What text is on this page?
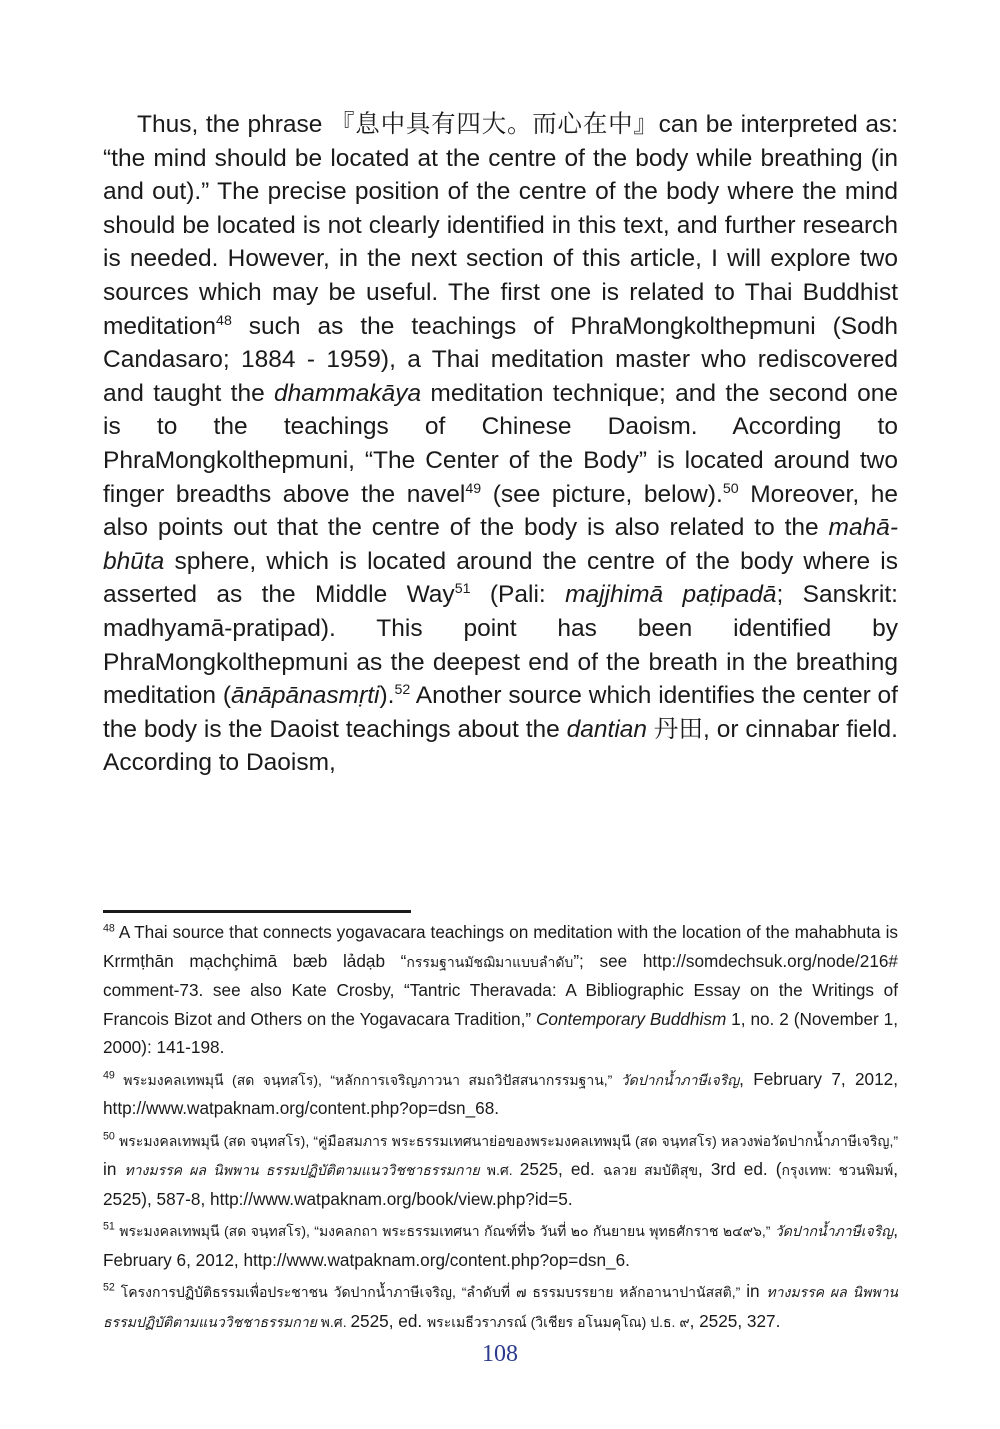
Thus, the phrase 『息中具有四大。而心在中』can be interpreted as: “the mind should be located at the centre of the body while breathing (in and out).” The precise position of the centre of the body where the mind should be located is not clearly identified in this text, and further research is needed. However, in the next section of this article, I will explore two sources which may be useful. The first one is related to Thai Buddhist meditation$^{48}$ such as the teachings of PhraMongkolthepmuni (Sodh Candasaro; 1884 - 1959), a Thai meditation master who rediscovered and taught the dhammakāya meditation technique; and the second one is to the teachings of Chinese Daoism. According to PhraMongkolthepmuni, “The Center of the Body” is located around two finger breadths above the navel$^{49}$ (see picture, below).$^{50}$ Moreover, he also points out that the centre of the body is also related to the mahā-bhūta sphere, which is located around the centre of the body where is asserted as the Middle Way$^{51}$ (Pali: majjhimā paṭipadā; Sanskrit: madhyamā-pratipad). This point has been identified by PhraMongkolthepmuni as the deepest end of the breath in the breathing meditation (ānāpānasmṛti).$^{52}$ Another source which identifies the center of the body is the Daoist teachings about the dantian 丹田, or cinnabar field. According to Daoism,

$^{48}$ A Thai source that connects yogavacara teachings on meditation with the location of the mahabhuta is Krrmṭhān mạchçhimā bæb lảdạb “กรรมฐานมัชฌิมาแบบลำดับ”; see http://somdechsuk.org/node/216# comment-73. see also Kate Crosby, “Tantric Theravada: A Bibliographic Essay on the Writings of Francois Bizot and Others on the Yogavacara Tradition,” Contemporary Buddhism 1, no. 2 (November 1, 2000): 141-198.

$^{49}$ พระมงคลเทพมุนี (สด จนฺทสโร), “หลักการเจริญภาวนา สมถวิปัสสนากรรมฐาน,” วัดปากน้ำภาษีเจริญ, February 7, 2012, http://www.watpaknam.org/content.php?op=dsn_68.

$^{50}$ พระมงคลเทพมุนี (สด จนฺทสโร), “คู่มือสมภาร พระธรรมเทศนาย่อของพระมงคลเทพมุนี (สด จนฺทสโร) หลวงพ่อวัดปากน้ำภาษีเจริญ,” in ทางมรรค ผล นิพพาน ธรรมปฏิบัติตามแนววิชชาธรรมกาย พ.ศ. 2525, ed. ฉลวย สมบัติสุข, 3rd ed. (กรุงเทพ: ชวนพิมพ์, 2525), 587-8, http://www.watpaknam.org/book/view.php?id=5.

$^{51}$ พระมงคลเทพมุนี (สด จนฺทสโร), “มงคลกถา พระธรรมเทศนา กัณฑ์ที่๖ วันที่ ๒๐ กันยายน พุทธศักราช ๒๔๙๖,” วัดปากน้ำภาษีเจริญ, February 6, 2012, http://www.watpaknam.org/content.php?op=dsn_6.

$^{52}$ โครงการปฏิบัติธรรมเพื่อประชาชน วัดปากน้ำภาษีเจริญ, “ลำดับที่ ๗ ธรรมบรรยาย หลักอานาปานัสสติ,” in ทางมรรค ผล นิพพาน ธรรมปฏิบัติตามแนววิชชาธรรมกาย พ.ศ. 2525, ed. พระเมธีวราภรณ์ (วิเชียร อโนมคุโณ) ป.ธ. ๙, 2525, 327.

108
